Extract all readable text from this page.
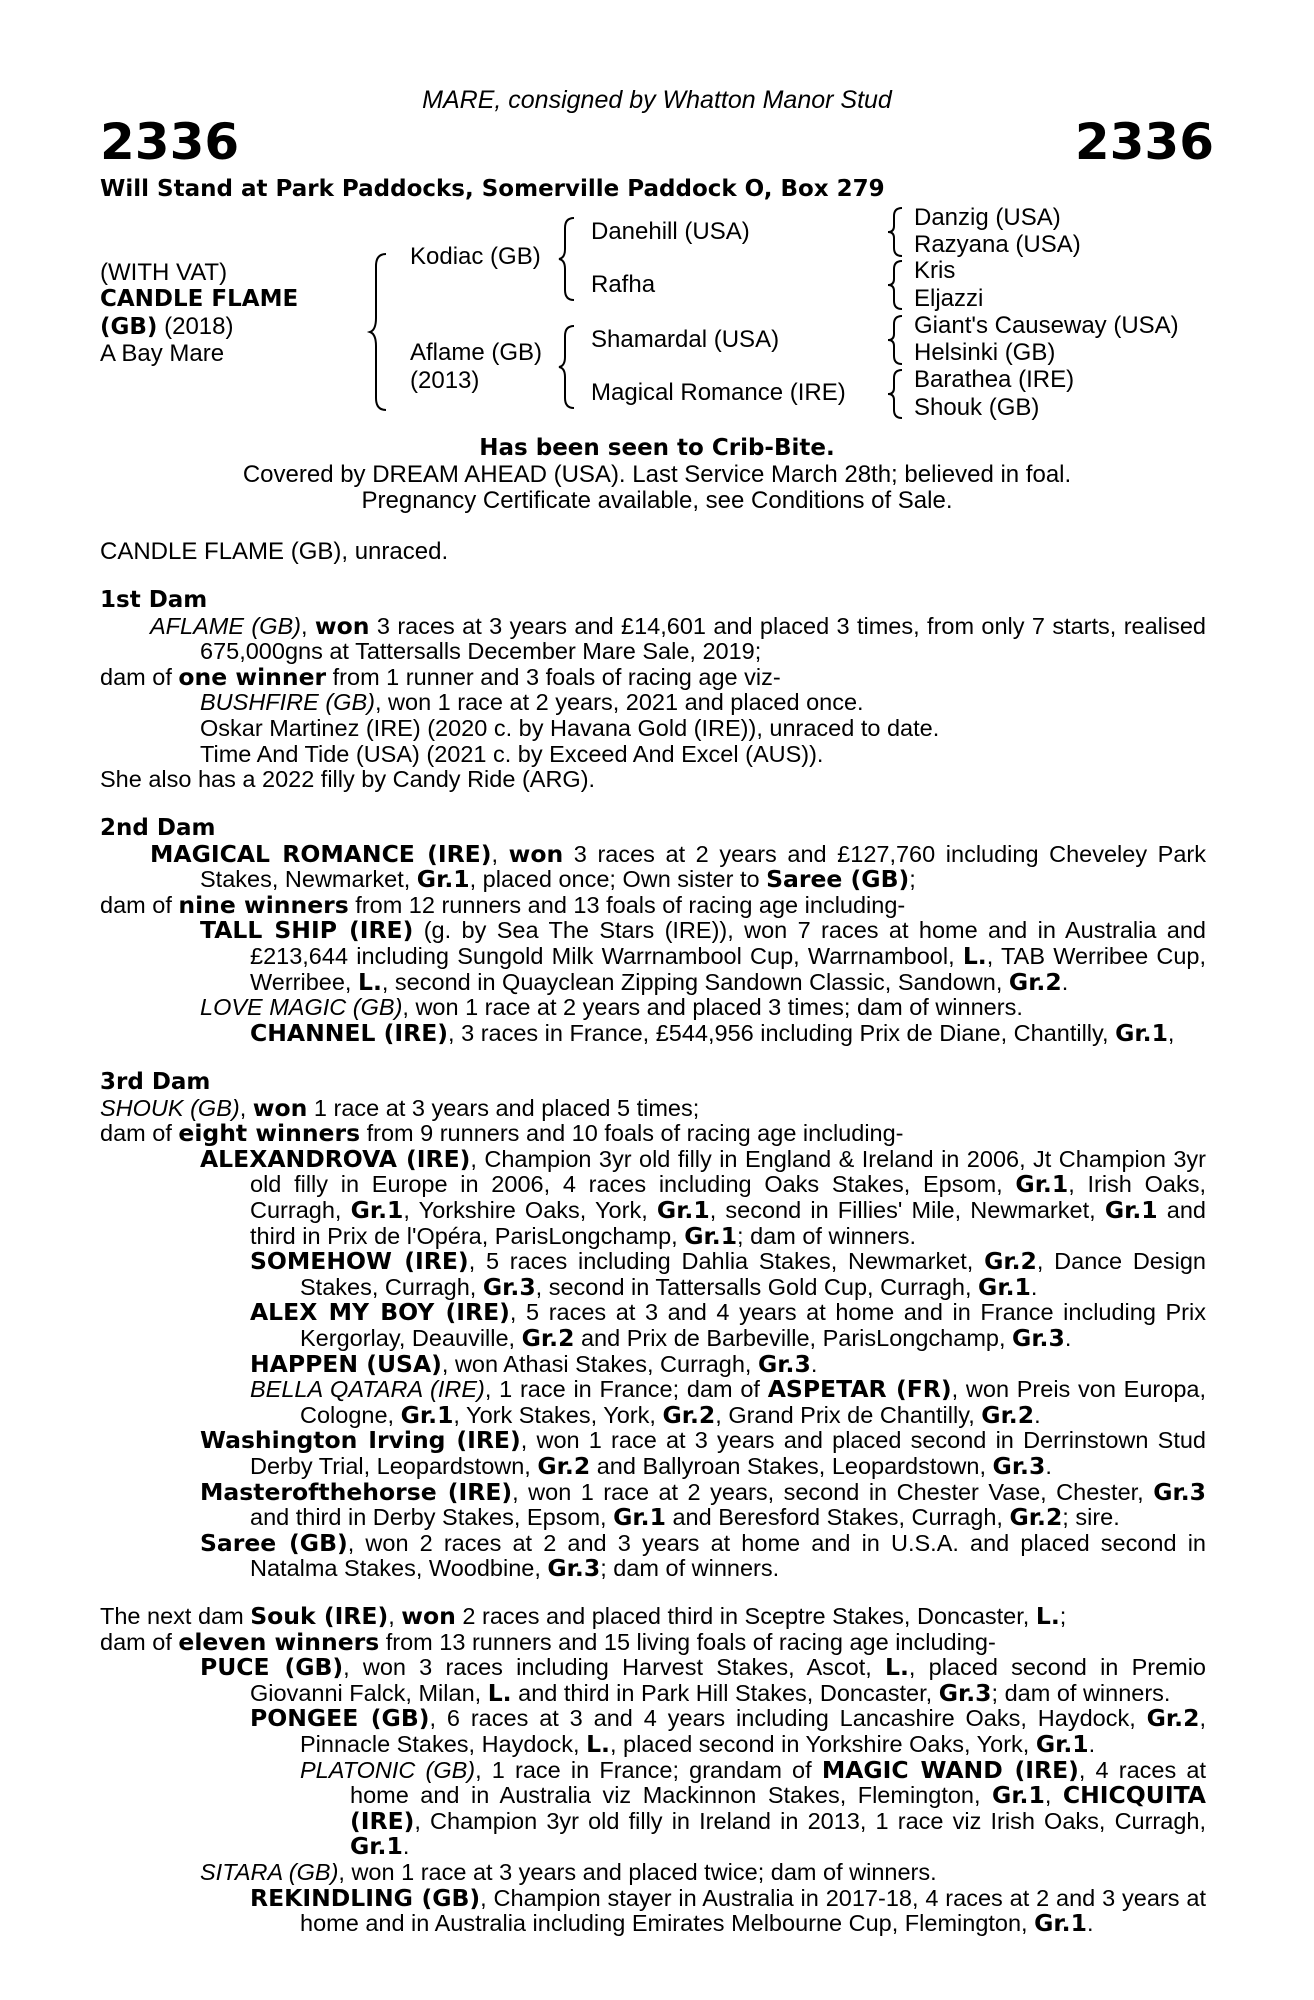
MARE, consigned by Whatton Manor Stud
2336	2336
Will Stand at Park Paddocks, Somerville Paddock O, Box 279
(WITH VAT)
CANDLE FLAME
(GB) (2018)
A Bay Mare
Kodiac (GB)
Aflame (GB)
(2013)
Danehill (USA)
Rafha
Shamardal (USA)
Magical Romance (IRE)
Danzig (USA)
Razyana (USA)
Kris
Eljazzi
Giant's Causeway (USA)
Helsinki (GB)
Barathea (IRE)
Shouk (GB)
Has been seen to Crib-Bite.
Covered by DREAM AHEAD (USA). Last Service March 28th; believed in foal.
Pregnancy Certificate available, see Conditions of Sale.
CANDLE FLAME (GB), unraced.

1st Dam

AFLAME (GB), won 3 races at 3 years and £14,601 and placed 3 times, from only 7 starts, realised 675,000gns at Tattersalls December Mare Sale, 2019;

dam of one winner from 1 runner and 3 foals of racing age viz-

BUSHFIRE (GB), won 1 race at 2 years, 2021 and placed once.

Oskar Martinez (IRE) (2020 c. by Havana Gold (IRE)), unraced to date.

Time And Tide (USA) (2021 c. by Exceed And Excel (AUS)).

She also has a 2022 filly by Candy Ride (ARG).

2nd Dam

MAGICAL ROMANCE (IRE), won 3 races at 2 years and £127,760 including Cheveley Park Stakes, Newmarket, Gr.1, placed once; Own sister to Saree (GB);

dam of nine winners from 12 runners and 13 foals of racing age including-

TALL SHIP (IRE) (g. by Sea The Stars (IRE)), won 7 races at home and in Australia and £213,644 including Sungold Milk Warrnambool Cup, Warrnambool, L., TAB Werribee Cup, Werribee, L., second in Quayclean Zipping Sandown Classic, Sandown, Gr.2.

LOVE MAGIC (GB), won 1 race at 2 years and placed 3 times; dam of winners.

CHANNEL (IRE), 3 races in France, £544,956 including Prix de Diane, Chantilly, Gr.1,

3rd Dam

SHOUK (GB), won 1 race at 3 years and placed 5 times;

dam of eight winners from 9 runners and 10 foals of racing age including-

ALEXANDROVA (IRE), Champion 3yr old filly in England & Ireland in 2006, Jt Champion 3yr old filly in Europe in 2006, 4 races including Oaks Stakes, Epsom, Gr.1, Irish Oaks, Curragh, Gr.1, Yorkshire Oaks, York, Gr.1, second in Fillies' Mile, Newmarket, Gr.1 and third in Prix de l'Opéra, ParisLongchamp, Gr.1; dam of winners.

SOMEHOW (IRE), 5 races including Dahlia Stakes, Newmarket, Gr.2, Dance Design Stakes, Curragh, Gr.3, second in Tattersalls Gold Cup, Curragh, Gr.1.

ALEX MY BOY (IRE), 5 races at 3 and 4 years at home and in France including Prix Kergorlay, Deauville, Gr.2 and Prix de Barbeville, ParisLongchamp, Gr.3.

HAPPEN (USA), won Athasi Stakes, Curragh, Gr.3.

BELLA QATARA (IRE), 1 race in France; dam of ASPETAR (FR), won Preis von Europa, Cologne, Gr.1, York Stakes, York, Gr.2, Grand Prix de Chantilly, Gr.2.

Washington Irving (IRE), won 1 race at 3 years and placed second in Derrinstown Stud Derby Trial, Leopardstown, Gr.2 and Ballyroan Stakes, Leopardstown, Gr.3.

Masterofthehorse (IRE), won 1 race at 2 years, second in Chester Vase, Chester, Gr.3 and third in Derby Stakes, Epsom, Gr.1 and Beresford Stakes, Curragh, Gr.2; sire.

Saree (GB), won 2 races at 2 and 3 years at home and in U.S.A. and placed second in Natalma Stakes, Woodbine, Gr.3; dam of winners.

The next dam Souk (IRE), won 2 races and placed third in Sceptre Stakes, Doncaster, L.;

dam of eleven winners from 13 runners and 15 living foals of racing age including-

PUCE (GB), won 3 races including Harvest Stakes, Ascot, L., placed second in Premio Giovanni Falck, Milan, L. and third in Park Hill Stakes, Doncaster, Gr.3; dam of winners.

PONGEE (GB), 6 races at 3 and 4 years including Lancashire Oaks, Haydock, Gr.2, Pinnacle Stakes, Haydock, L., placed second in Yorkshire Oaks, York, Gr.1.

PLATONIC (GB), 1 race in France; grandam of MAGIC WAND (IRE), 4 races at home and in Australia viz Mackinnon Stakes, Flemington, Gr.1, CHICQUITA (IRE), Champion 3yr old filly in Ireland in 2013, 1 race viz Irish Oaks, Curragh, Gr.1.

SITARA (GB), won 1 race at 3 years and placed twice; dam of winners.

REKINDLING (GB), Champion stayer in Australia in 2017-18, 4 races at 2 and 3 years at home and in Australia including Emirates Melbourne Cup, Flemington, Gr.1.
